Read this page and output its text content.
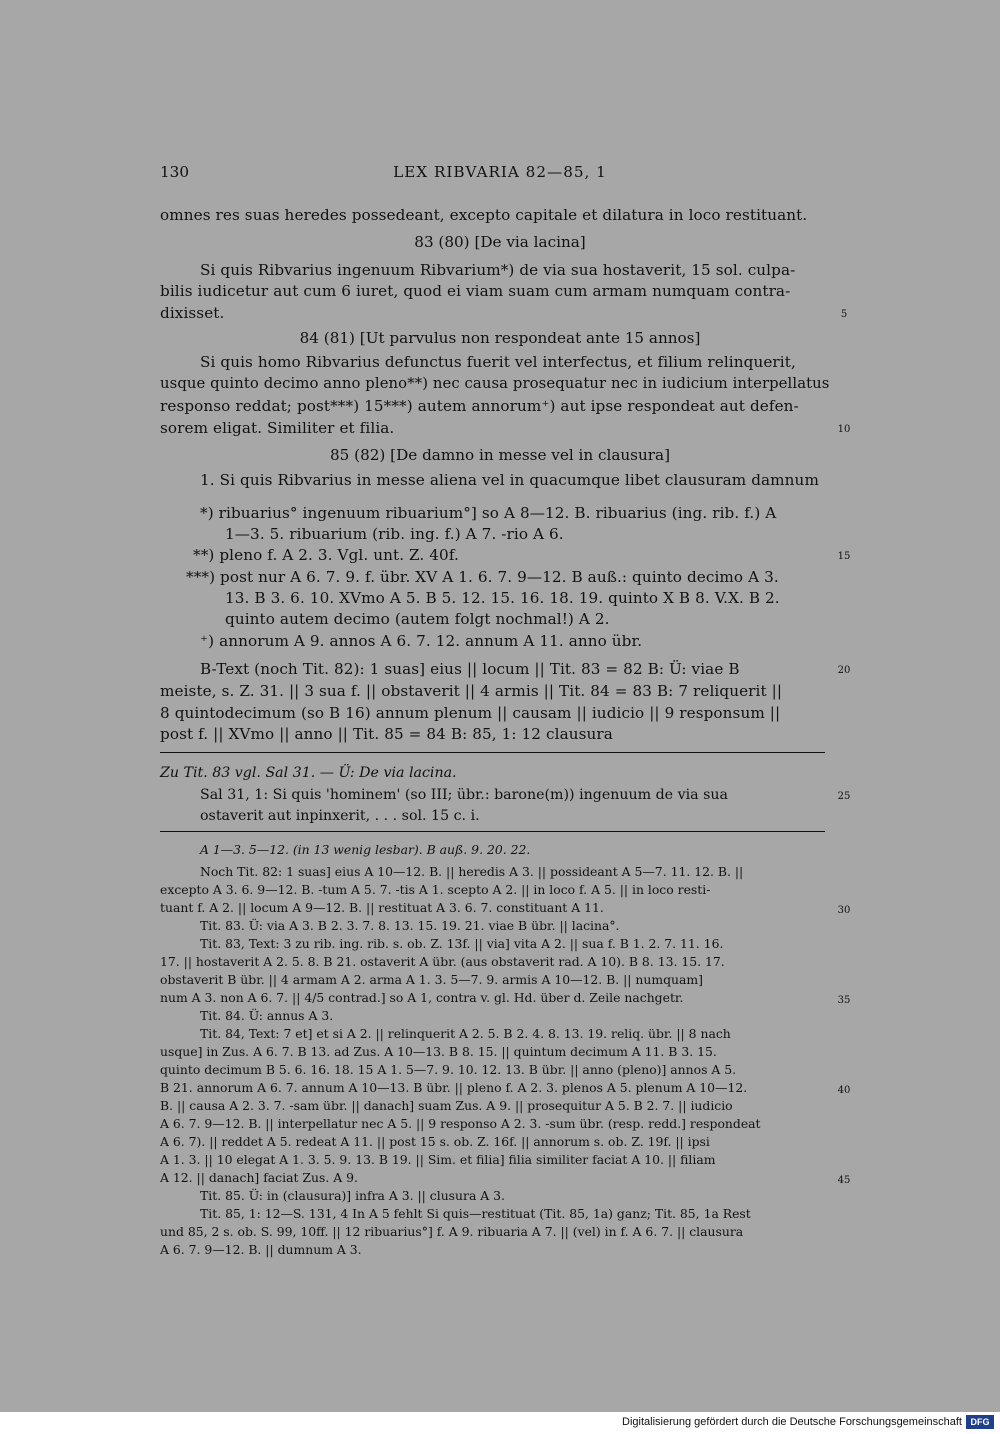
130	LEX RIBVARIA 82—85, 1
omnes res suas heredes possedeant, excepto capitale et dilatura in loco restituant.
83 (80) [De via lacina]
Si quis Ribvarius ingenuum Ribvarium*) de via sua hostaverit, 15 sol. culpa-
bilis iudicetur aut cum 6 iuret, quod ei viam suam cum armam numquam contra-
dixisset.
84 (81) [Ut parvulus non respondeat ante 15 annos]
Si quis homo Ribvarius defunctus fuerit vel interfectus, et filium relinquerit,
usque quinto decimo anno pleno**) nec causa prosequatur nec in iudicium interpellatus
responso reddat; post***) 15***) autem annorum⁺) aut ipse respondeat aut defen-
sorem eligat. Similiter et filia.
85 (82) [De damno in messe vel in clausura]
1. Si quis Ribvarius in messe aliena vel in quacumque libet clausuram damnum
*) ribuarius° ingenuum ribuarium°] so A 8—12. B. ribuarius (ing. rib. f.) A
1—3. 5. ribuarium (rib. ing. f.) A 7. -rio A 6.
**) pleno f. A 2. 3. Vgl. unt. Z. 40f.
***) post nur A 6. 7. 9. f. übr. XV A 1. 6. 7. 9—12. B auß.: quinto decimo A 3.
13. B 3. 6. 10. XVmo A 5. B 5. 12. 15. 16. 18. 19. quinto X B 8. V.X. B 2.
quinto autem decimo (autem folgt nochmal!) A 2.
⁺) annorum A 9. annos A 6. 7. 12. annum A 11. anno übr.
B-Text (noch Tit. 82): 1 suas] eius || locum || Tit. 83 = 82 B: Ü: viae B
meiste, s. Z. 31. || 3 sua f. || obstaverit || 4 armis || Tit. 84 = 83 B: 7 reliquerit ||
8 quintodecimum (so B 16) annum plenum || causam || iudicio || 9 responsum ||
post f. || XVmo || anno || Tit. 85 = 84 B: 85, 1: 12 clausura
Zu Tit. 83 vgl. Sal 31. — Ü: De via lacina.
Sal 31, 1: Si quis 'hominem' (so III; übr.: barone(m)) ingenuum de via sua
ostaverit aut inpinxerit, . . . sol. 15 c. i.
A 1—3. 5—12. (in 13 wenig lesbar). B auß. 9. 20. 22.
Noch Tit. 82: 1 suas] eius A 10—12. B. || heredis A 3. || possideant A 5—7. 11. 12. B. ||
excepto A 3. 6. 9—12. B. -tum A 5. 7. -tis A 1. scepto A 2. || in loco f. A 5. || in loco resti-
tuant f. A 2. || locum A 9—12. B. || restituat A 3. 6. 7. constituant A 11.
Tit. 83. Ü: via A 3. B 2. 3. 7. 8. 13. 15. 19. 21. viae B übr. || lacina°.
Tit. 83, Text: 3 zu rib. ing. rib. s. ob. Z. 13f. || via] vita A 2. || sua f. B 1. 2. 7. 11. 16.
17. || hostaverit A 2. 5. 8. B 21. ostaverit A übr. (aus obstaverit rad. A 10). B 8. 13. 15. 17.
obstaverit B übr. || 4 armam A 2. arma A 1. 3. 5—7. 9. armis A 10—12. B. || numquam]
num A 3. non A 6. 7. || 4/5 contrad.] so A 1, contra v. gl. Hd. über d. Zeile nachgetr.
Tit. 84. Ü: annus A 3.
Tit. 84, Text: 7 et] et si A 2. || relinquerit A 2. 5. B 2. 4. 8. 13. 19. reliq. übr. || 8 nach
usque] in Zus. A 6. 7. B 13. ad Zus. A 10—13. B 8. 15. || quintum decimum A 11. B 3. 15.
quinto decimum B 5. 6. 16. 18. 15 A 1. 5—7. 9. 10. 12. 13. B übr. || anno (pleno)] annos A 5.
B 21. annorum A 6. 7. annum A 10—13. B übr. || pleno f. A 2. 3. plenos A 5. plenum A 10—12.
B. || causa A 2. 3. 7. -sam übr. || danach] suam Zus. A 9. || prosequitur A 5. B 2. 7. || iudicio
A 6. 7. 9—12. B. || interpellatur nec A 5. || 9 responso A 2. 3. -sum übr. (resp. redd.] respondeat
A 6. 7). || reddet A 5. redeat A 11. || post 15 s. ob. Z. 16f. || annorum s. ob. Z. 19f. || ipsi
A 1. 3. || 10 elegat A 1. 3. 5. 9. 13. B 19. || Sim. et filia] filia similiter faciat A 10. || filiam
A 12. || danach] faciat Zus. A 9.
Tit. 85. Ü: in (clausura)] infra A 3. || clusura A 3.
Tit. 85, 1: 12—S. 131, 4 In A 5 fehlt Si quis—restituat (Tit. 85, 1a) ganz; Tit. 85, 1a Rest
und 85, 2 s. ob. S. 99, 10ff. || 12 ribuarius°] f. A 9. ribuaria A 7. || (vel) in f. A 6. 7. || clausura
A 6. 7. 9—12. B. || dumnum A 3.
5
10
15
20
25
30
35
40
45
Digitalisierung gefördert durch die Deutsche Forschungsgemeinschaft DFG
